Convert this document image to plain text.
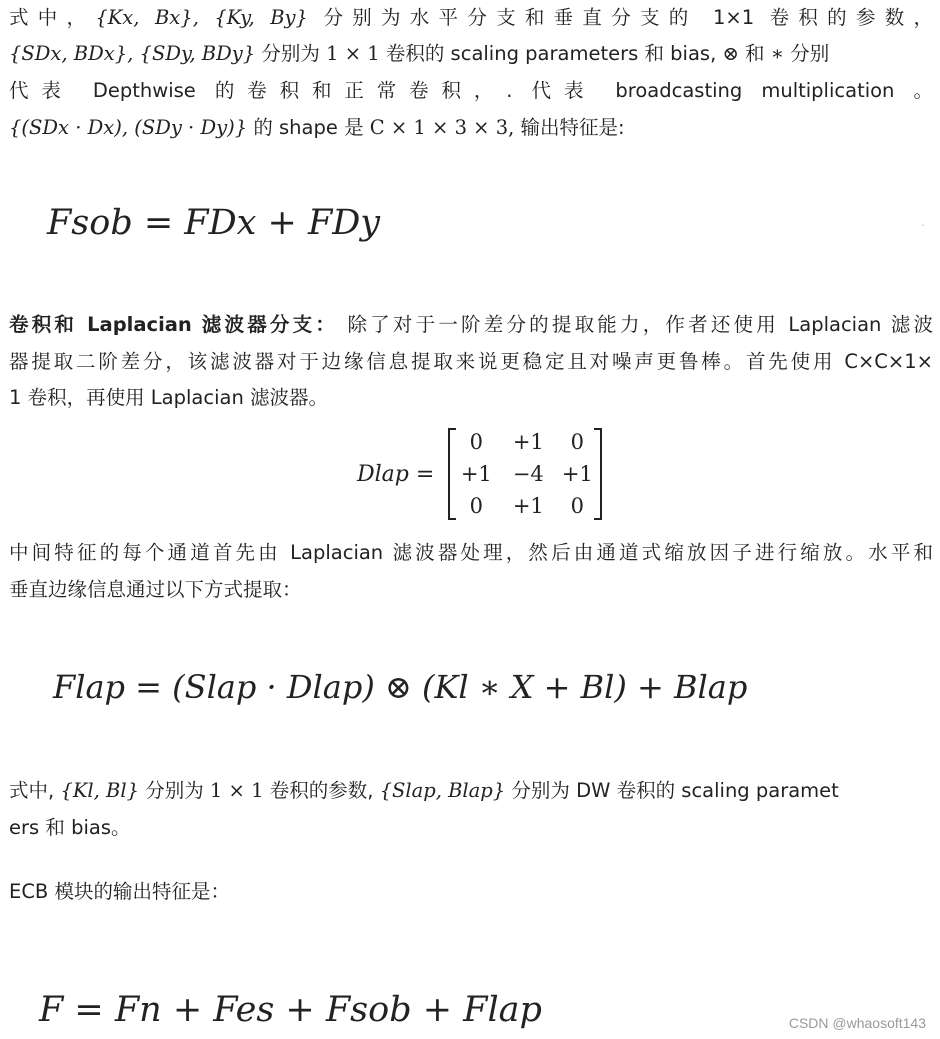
式中，{Kx, Bx}, {Ky, By} 分别为水平分支和垂直分支的 1×1 卷积的参数，

{SDx, BDx}, {SDy, BDy} 分别为 1 × 1 卷积的 scaling parameters 和 bias, ⊗ 和 ∗ 分别

代表 Depthwise 的卷积和正常卷积，. 代表 broadcasting multiplication 。

{(SDx · Dx), (SDy · Dy)} 的 shape 是 C × 1 × 3 × 3, 输出特征是:

Fsob = FDx + FDy	-

卷积和 Laplacian 滤波器分支： 除了对于一阶差分的提取能力，作者还使用 Laplacian 滤波

器提取二阶差分，该滤波器对于边缘信息提取来说更稳定且对噪声更鲁棒。首先使用 C×C×1×

1 卷积，再使用 Laplacian 滤波器。

Dlap =
0 +1 0
+1 −4 +1
0 +1 0

中间特征的每个通道首先由 Laplacian 滤波器处理，然后由通道式缩放因子进行缩放。水平和

垂直边缘信息通过以下方式提取：

Flap = (Slap · Dlap) ⊗ (Kl ∗ X + Bl) + Blap

式中, {Kl, Bl} 分别为 1 × 1 卷积的参数, {Slap, Blap} 分别为 DW 卷积的 scaling paramet

ers 和 bias。

ECB 模块的输出特征是：

F = Fn + Fes + Fsob + Flap	CSDN @whaosoft143
